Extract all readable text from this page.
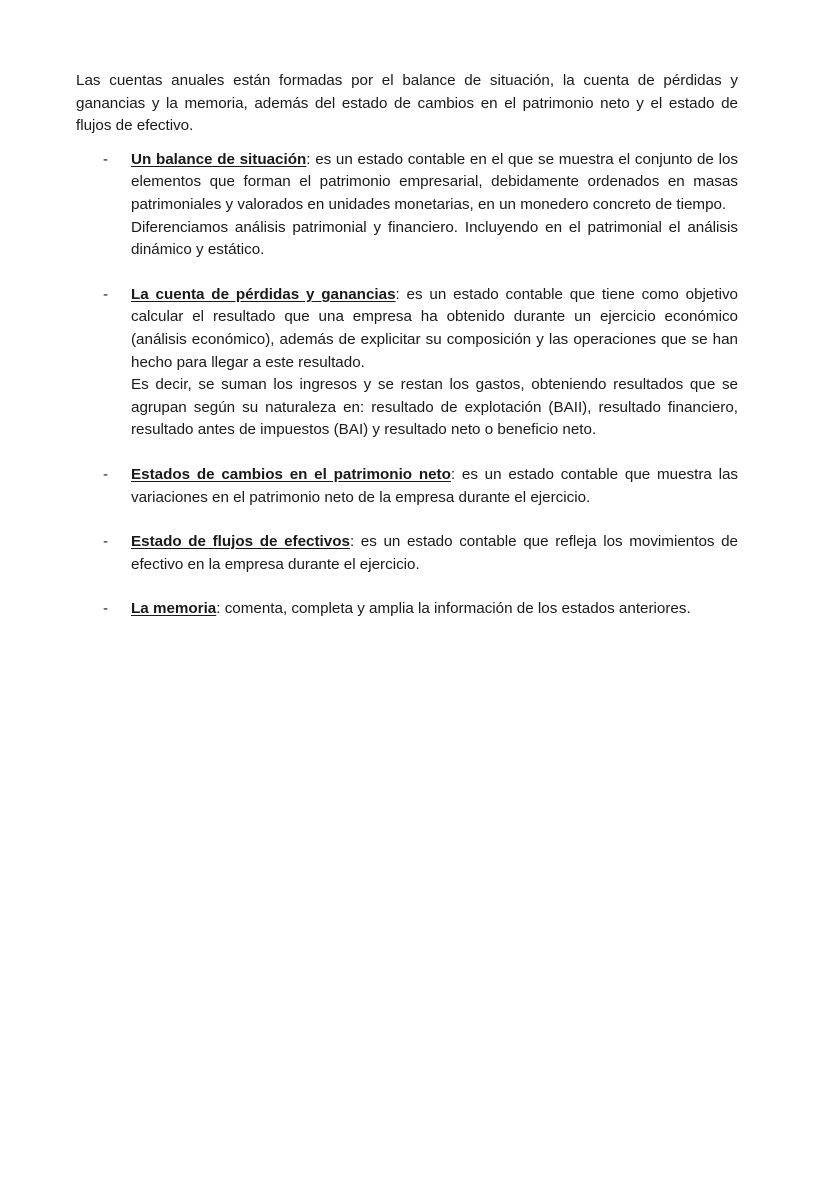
Las cuentas anuales están formadas por el balance de situación, la cuenta de pérdidas y ganancias y la memoria, además del estado de cambios en el patrimonio neto y el estado de flujos de efectivo.

- Un balance de situación: es un estado contable en el que se muestra el conjunto de los elementos que forman el patrimonio empresarial, debidamente ordenados en masas patrimoniales y valorados en unidades monetarias, en un monedero concreto de tiempo.

Diferenciamos análisis patrimonial y financiero. Incluyendo en el patrimonial el análisis dinámico y estático.

- La cuenta de pérdidas y ganancias: es un estado contable que tiene como objetivo calcular el resultado que una empresa ha obtenido durante un ejercicio económico (análisis económico), además de explicitar su composición y las operaciones que se han hecho para llegar a este resultado.

Es decir, se suman los ingresos y se restan los gastos, obteniendo resultados que se agrupan según su naturaleza en: resultado de explotación (BAII), resultado financiero, resultado antes de impuestos (BAI) y resultado neto o beneficio neto.

- Estados de cambios en el patrimonio neto: es un estado contable que muestra las variaciones en el patrimonio neto de la empresa durante el ejercicio.

- Estado de flujos de efectivos: es un estado contable que refleja los movimientos de efectivo en la empresa durante el ejercicio.

- La memoria: comenta, completa y amplia la información de los estados anteriores.
